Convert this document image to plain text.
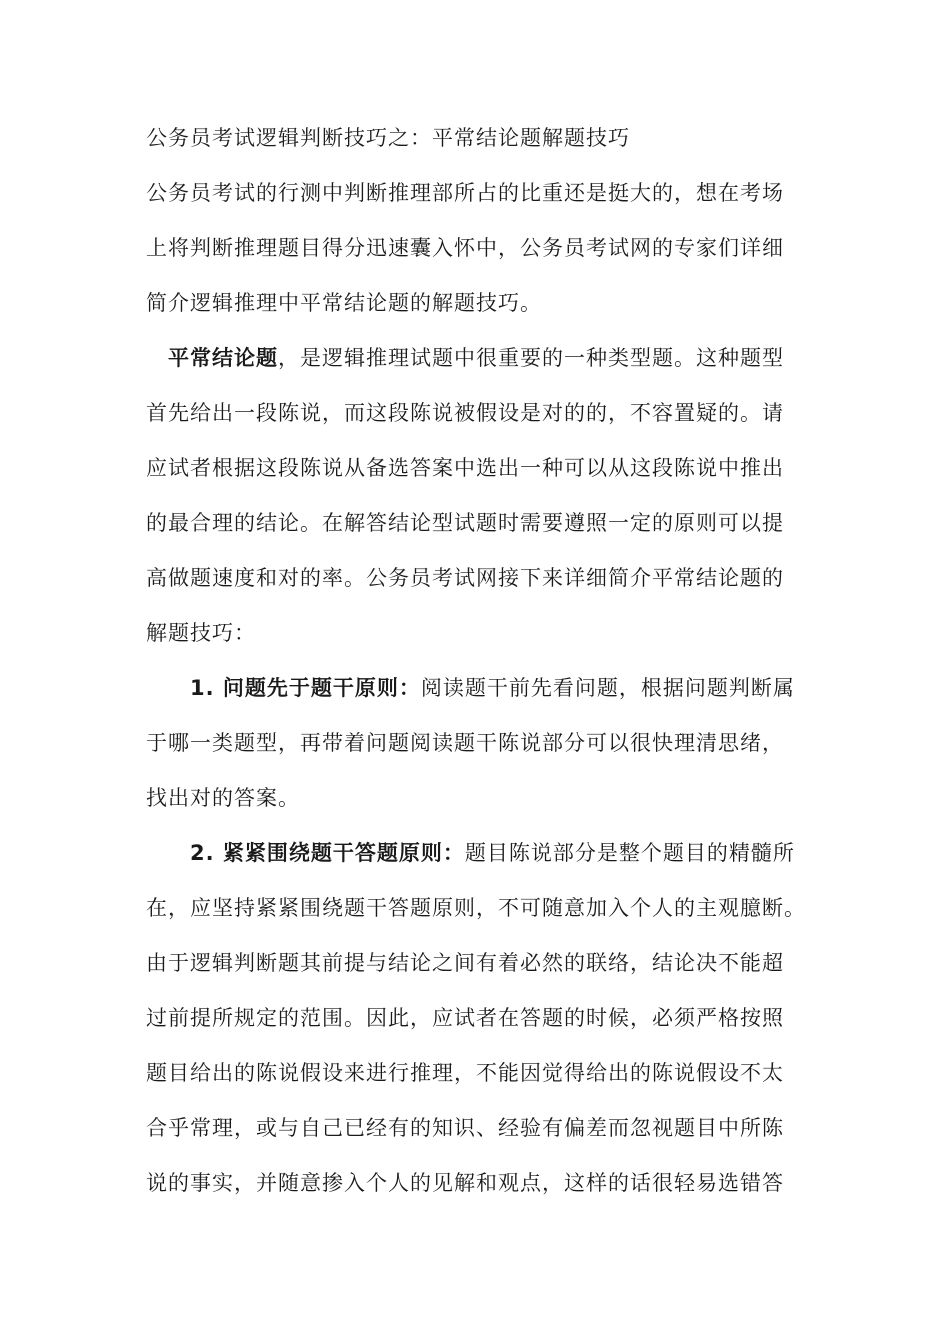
公务员考试逻辑判断技巧之：平常结论题解题技巧
公务员考试的行测中判断推理部所占的比重还是挺大的，想在考场
上将判断推理题目得分迅速囊入怀中，公务员考试网的专家们详细
简介逻辑推理中平常结论题的解题技巧。
平常结论题，是逻辑推理试题中很重要的一种类型题。这种题型
首先给出一段陈说，而这段陈说被假设是对的的，不容置疑的。请
应试者根据这段陈说从备选答案中选出一种可以从这段陈说中推出
的最合理的结论。在解答结论型试题时需要遵照一定的原则可以提
高做题速度和对的率。公务员考试网接下来详细简介平常结论题的
解题技巧：
1. 问题先于题干原则：阅读题干前先看问题，根据问题判断属
于哪一类题型，再带着问题阅读题干陈说部分可以很快理清思绪，
找出对的答案。
2. 紧紧围绕题干答题原则：题目陈说部分是整个题目的精髓所
在，应坚持紧紧围绕题干答题原则，不可随意加入个人的主观臆断。
由于逻辑判断题其前提与结论之间有着必然的联络，结论决不能超
过前提所规定的范围。因此，应试者在答题的时候，必须严格按照
题目给出的陈说假设来进行推理，不能因觉得给出的陈说假设不太
合乎常理，或与自己已经有的知识、经验有偏差而忽视题目中所陈
说的事实，并随意掺入个人的见解和观点，这样的话很轻易选错答
